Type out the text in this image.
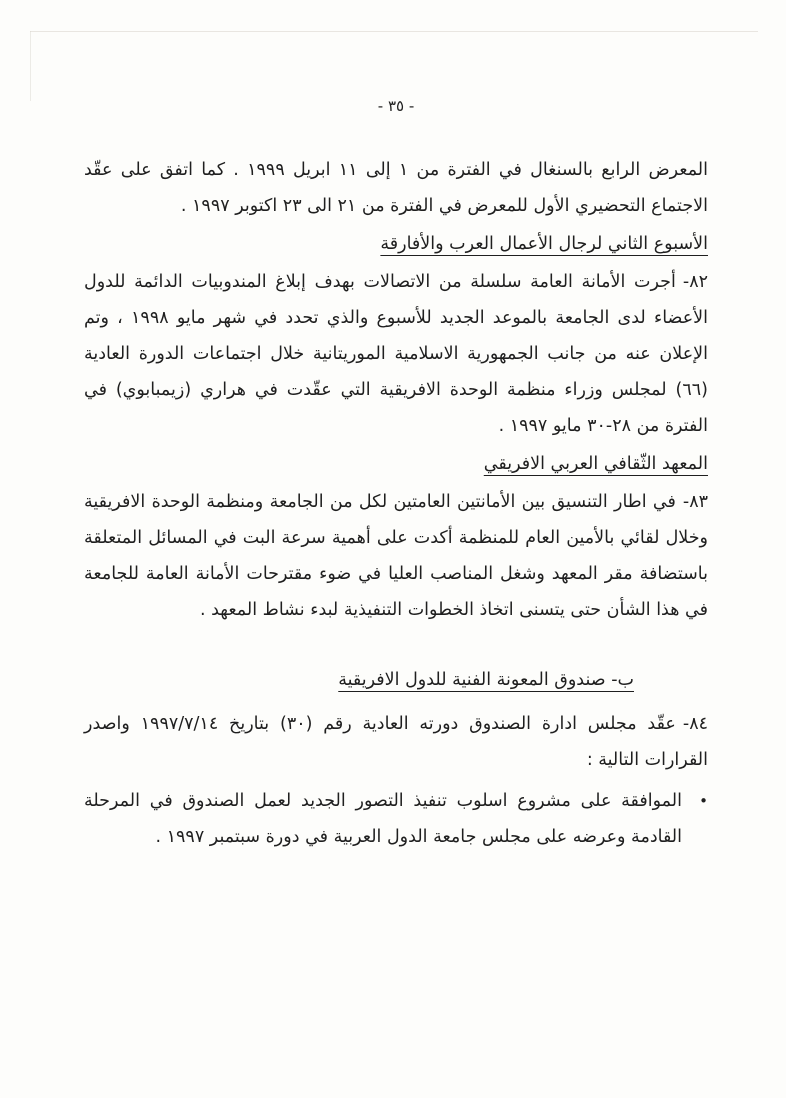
- ٣٥ -

المعرض الرابع بالسنغال في الفترة من ١ إلى ١١ ابريل ١٩٩٩ . كما اتفق على عقّد الاجتماع التحضيري الأول للمعرض في الفترة من ٢١ الى ٢٣ اكتوبر ١٩٩٧ .

الأسبوع الثاني لرجال الأعمال العرب والأفارقة

٨٢-أجرت الأمانة العامة سلسلة من الاتصالات بهدف إبلاغ المندوبيات الدائمة للدول الأعضاء لدى الجامعة بالموعد الجديد للأسبوع والذي تحدد في شهر مايو ١٩٩٨ ، وتم الإعلان عنه من جانب الجمهورية الاسلامية الموريتانية خلال اجتماعات الدورة العادية (٦٦) لمجلس وزراء منظمة الوحدة الافريقية التي عقّدت في هراري (زيمبابوي) في الفترة من ٢٨-٣٠ مايو ١٩٩٧ .

المعهد الثّقافي العربي الافريقي

٨٣-في اطار التنسيق بين الأمانتين العامتين لكل من الجامعة ومنظمة الوحدة الافريقية وخلال لقائي بالأمين العام للمنظمة أكدت على أهمية سرعة البت في المسائل المتعلقة باستضافة مقر المعهد وشغل المناصب العليا في ضوء مقترحات الأمانة العامة للجامعة في هذا الشأن حتى يتسنى اتخاذ الخطوات التنفيذية لبدء نشاط المعهد .

ب- صندوق المعونة الفنية للدول الافريقية

٨٤-عقّد مجلس ادارة الصندوق دورته العادية رقم (٣٠) بتاريخ ١٩٩٧/٧/١٤ واصدر القرارات التالية :

•
الموافقة على مشروع اسلوب تنفيذ التصور الجديد لعمل الصندوق في المرحلة القادمة وعرضه على مجلس جامعة الدول العربية في دورة سبتمبر ١٩٩٧ .
